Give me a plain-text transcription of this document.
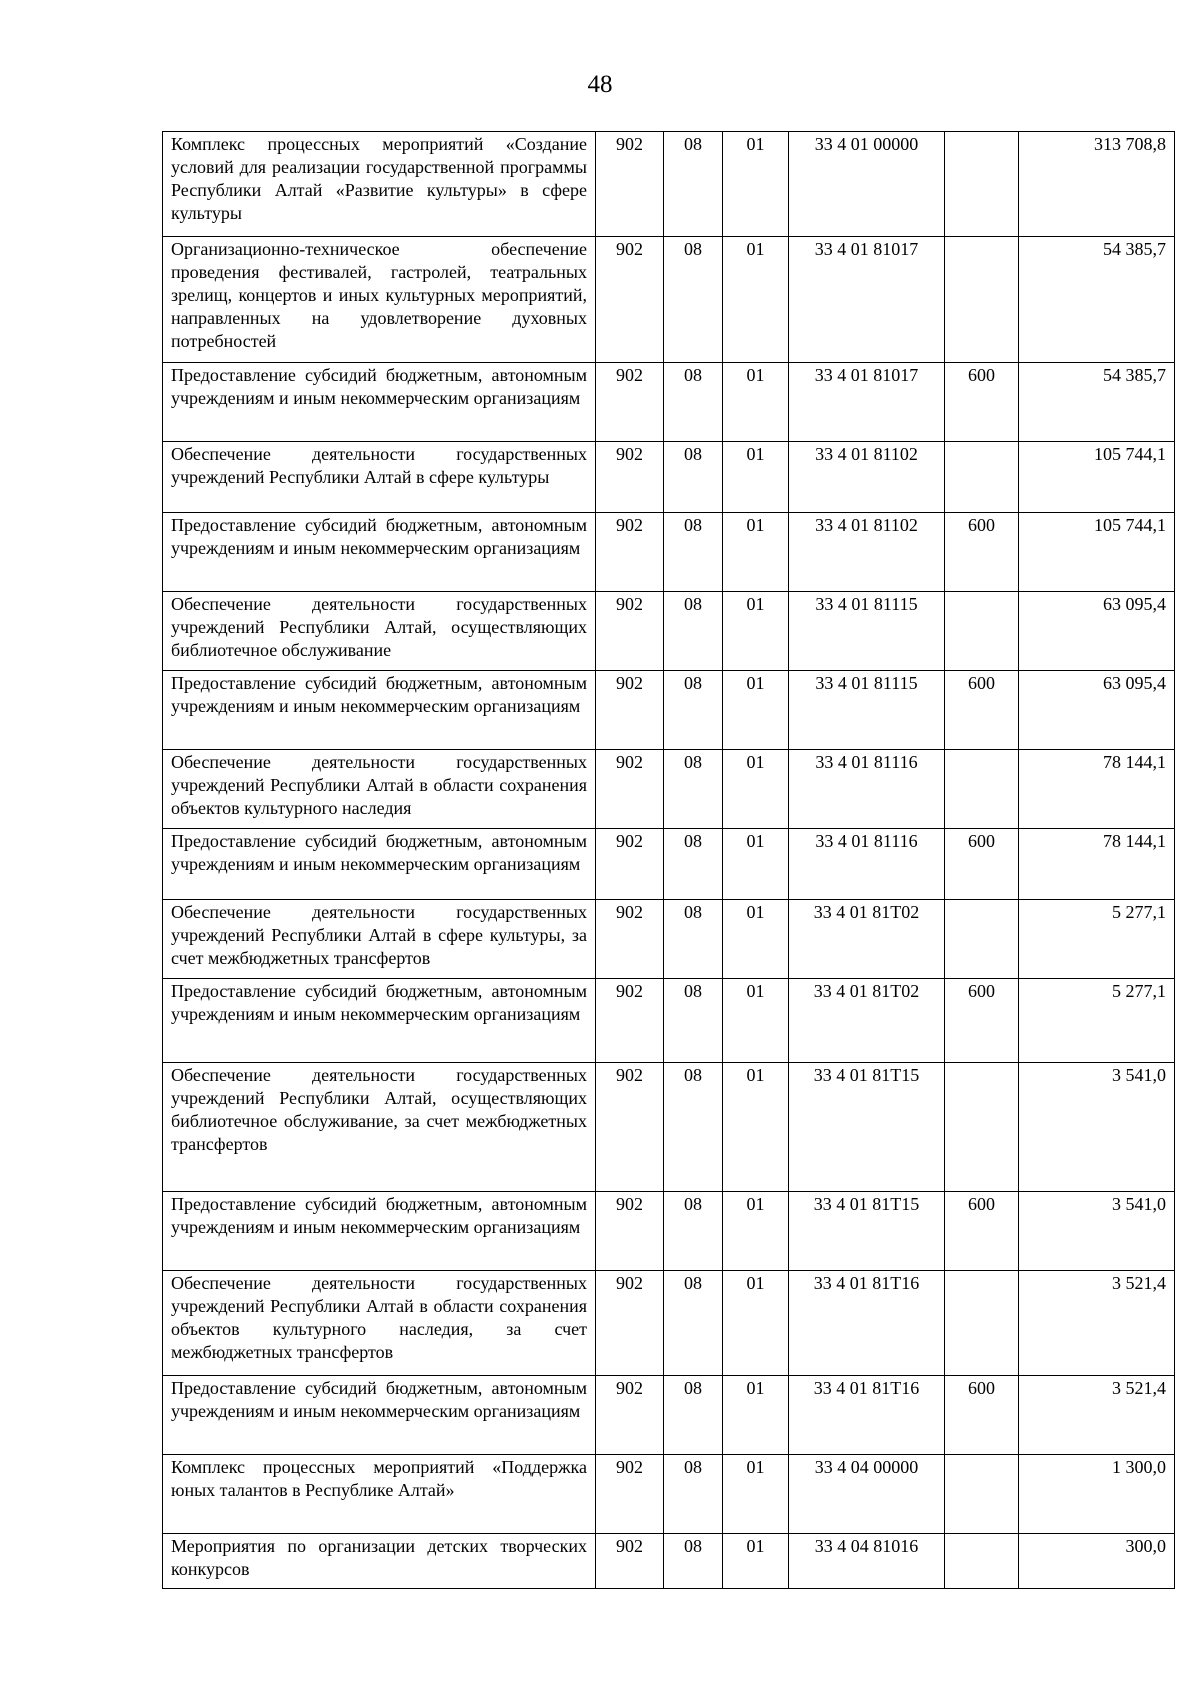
48
Комплекс процессных мероприятий «Создание условий для реализации государственной программы Республики Алтай «Развитие культуры» в сфере культуры	902	08	01	33 4 01 00000		313 708,8
Организационно-техническое обеспечение проведения фестивалей, гастролей, театральных зрелищ, концертов и иных культурных мероприятий, направленных на удовлетворение духовных потребностей	902	08	01	33 4 01 81017		54 385,7
Предоставление субсидий бюджетным, автономным учреждениям и иным некоммерческим организациям	902	08	01	33 4 01 81017	600	54 385,7
Обеспечение деятельности государственных учреждений Республики Алтай в сфере культуры	902	08	01	33 4 01 81102		105 744,1
Предоставление субсидий бюджетным, автономным учреждениям и иным некоммерческим организациям	902	08	01	33 4 01 81102	600	105 744,1
Обеспечение деятельности государственных учреждений Республики Алтай, осуществляющих библиотечное обслуживание	902	08	01	33 4 01 81115		63 095,4
Предоставление субсидий бюджетным, автономным учреждениям и иным некоммерческим организациям	902	08	01	33 4 01 81115	600	63 095,4
Обеспечение деятельности государственных учреждений Республики Алтай в области сохранения объектов культурного наследия	902	08	01	33 4 01 81116		78 144,1
Предоставление субсидий бюджетным, автономным учреждениям и иным некоммерческим организациям	902	08	01	33 4 01 81116	600	78 144,1
Обеспечение деятельности государственных учреждений Республики Алтай в сфере культуры, за счет межбюджетных трансфертов	902	08	01	33 4 01 81Т02		5 277,1
Предоставление субсидий бюджетным, автономным учреждениям и иным некоммерческим организациям	902	08	01	33 4 01 81Т02	600	5 277,1
Обеспечение деятельности государственных учреждений Республики Алтай, осуществляющих библиотечное обслуживание, за счет межбюджетных трансфертов	902	08	01	33 4 01 81Т15		3 541,0
Предоставление субсидий бюджетным, автономным учреждениям и иным некоммерческим организациям	902	08	01	33 4 01 81Т15	600	3 541,0
Обеспечение деятельности государственных учреждений Республики Алтай в области сохранения объектов культурного наследия, за счет межбюджетных трансфертов	902	08	01	33 4 01 81Т16		3 521,4
Предоставление субсидий бюджетным, автономным учреждениям и иным некоммерческим организациям	902	08	01	33 4 01 81Т16	600	3 521,4
Комплекс процессных мероприятий «Поддержка юных талантов в Республике Алтай»	902	08	01	33 4 04 00000		1 300,0
Мероприятия по организации детских творческих конкурсов	902	08	01	33 4 04 81016		300,0
